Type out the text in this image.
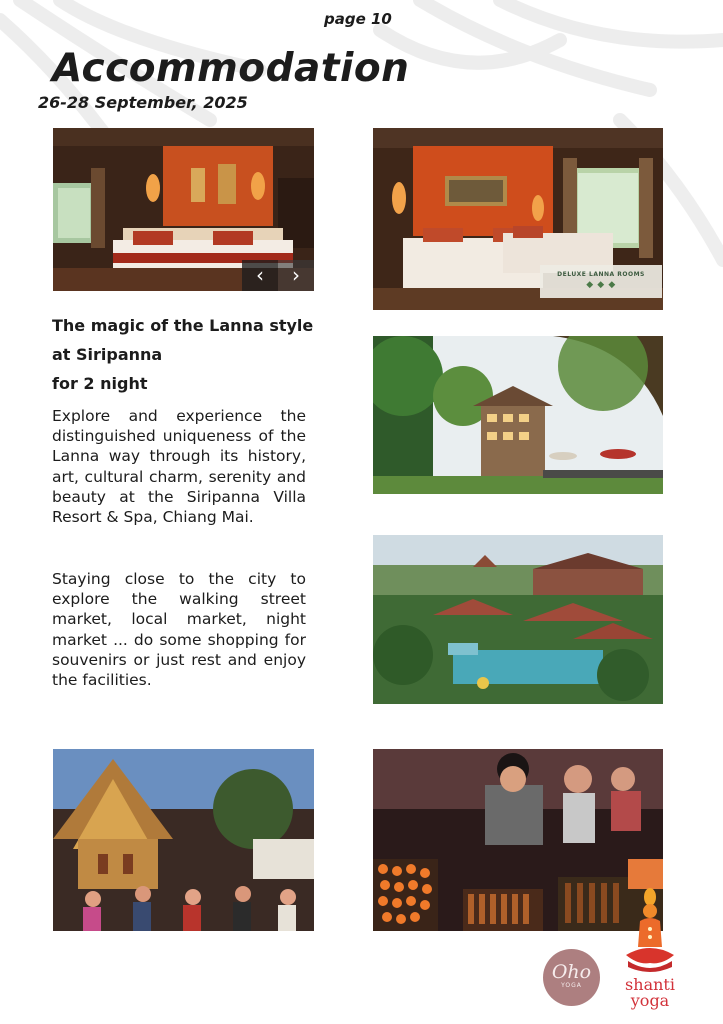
page 10
Accommodation
26-28 September, 2025
‹	›	DELUXE LANNA ROOMS
◆ ◆ ◆
The magic of the Lanna style
at Siripanna
for 2 night
Explore and experience the distinguished uniqueness of the Lanna way through its history, art, cultural charm, serenity and beauty at the Siripanna Villa Resort & Spa, Chiang Mai.
Staying close to the city to explore the walking street market, local market, night market ... do some shopping for souvenirs or just rest and enjoy the facilities.
Oho
YOGA	shanti
yoga
